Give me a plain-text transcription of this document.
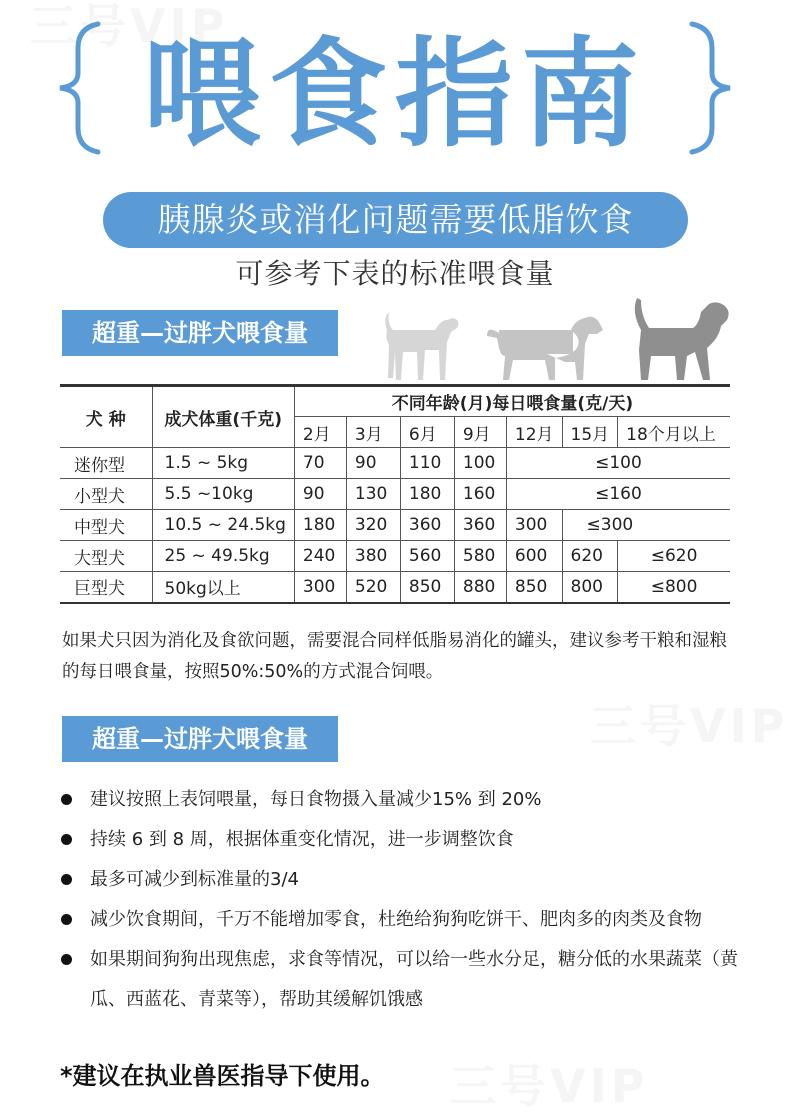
三号VIP
三号VIP
三号VIP
喂食指南
胰腺炎或消化问题需要低脂饮食
可参考下表的标准喂食量
超重—过胖犬喂食量
犬 种	成犬体重(千克)	不同年龄(月)每日喂食量(克/天)						
		2月	3月	6月	9月	12月	15月	18个月以上
迷你型	1.5 ~ 5kg	70	90	110	100	≤100		
小型犬	5.5 ~10kg	90	130	180	160	≤160		
中型犬	10.5 ~ 24.5kg	180	320	360	360	300	≤300	
大型犬	25 ~ 49.5kg	240	380	560	580	600	620	≤620
巨型犬	50kg以上	300	520	850	880	850	800	≤800

如果犬只因为消化及食欲问题，需要混合同样低脂易消化的罐头，建议参考干粮和湿粮的每日喂食量，按照50%:50%的方式混合饲喂。

超重—过胖犬喂食量
建议按照上表饲喂量，每日食物摄入量减少15% 到 20%
持续 6 到 8 周，根据体重变化情况，进一步调整饮食
最多可减少到标准量的3/4
减少饮食期间，千万不能增加零食，杜绝给狗狗吃饼干、肥肉多的肉类及食物
如果期间狗狗出现焦虑，求食等情况，可以给一些水分足，糖分低的水果蔬菜（黄瓜、西蓝花、青菜等），帮助其缓解饥饿感
*建议在执业兽医指导下使用。
